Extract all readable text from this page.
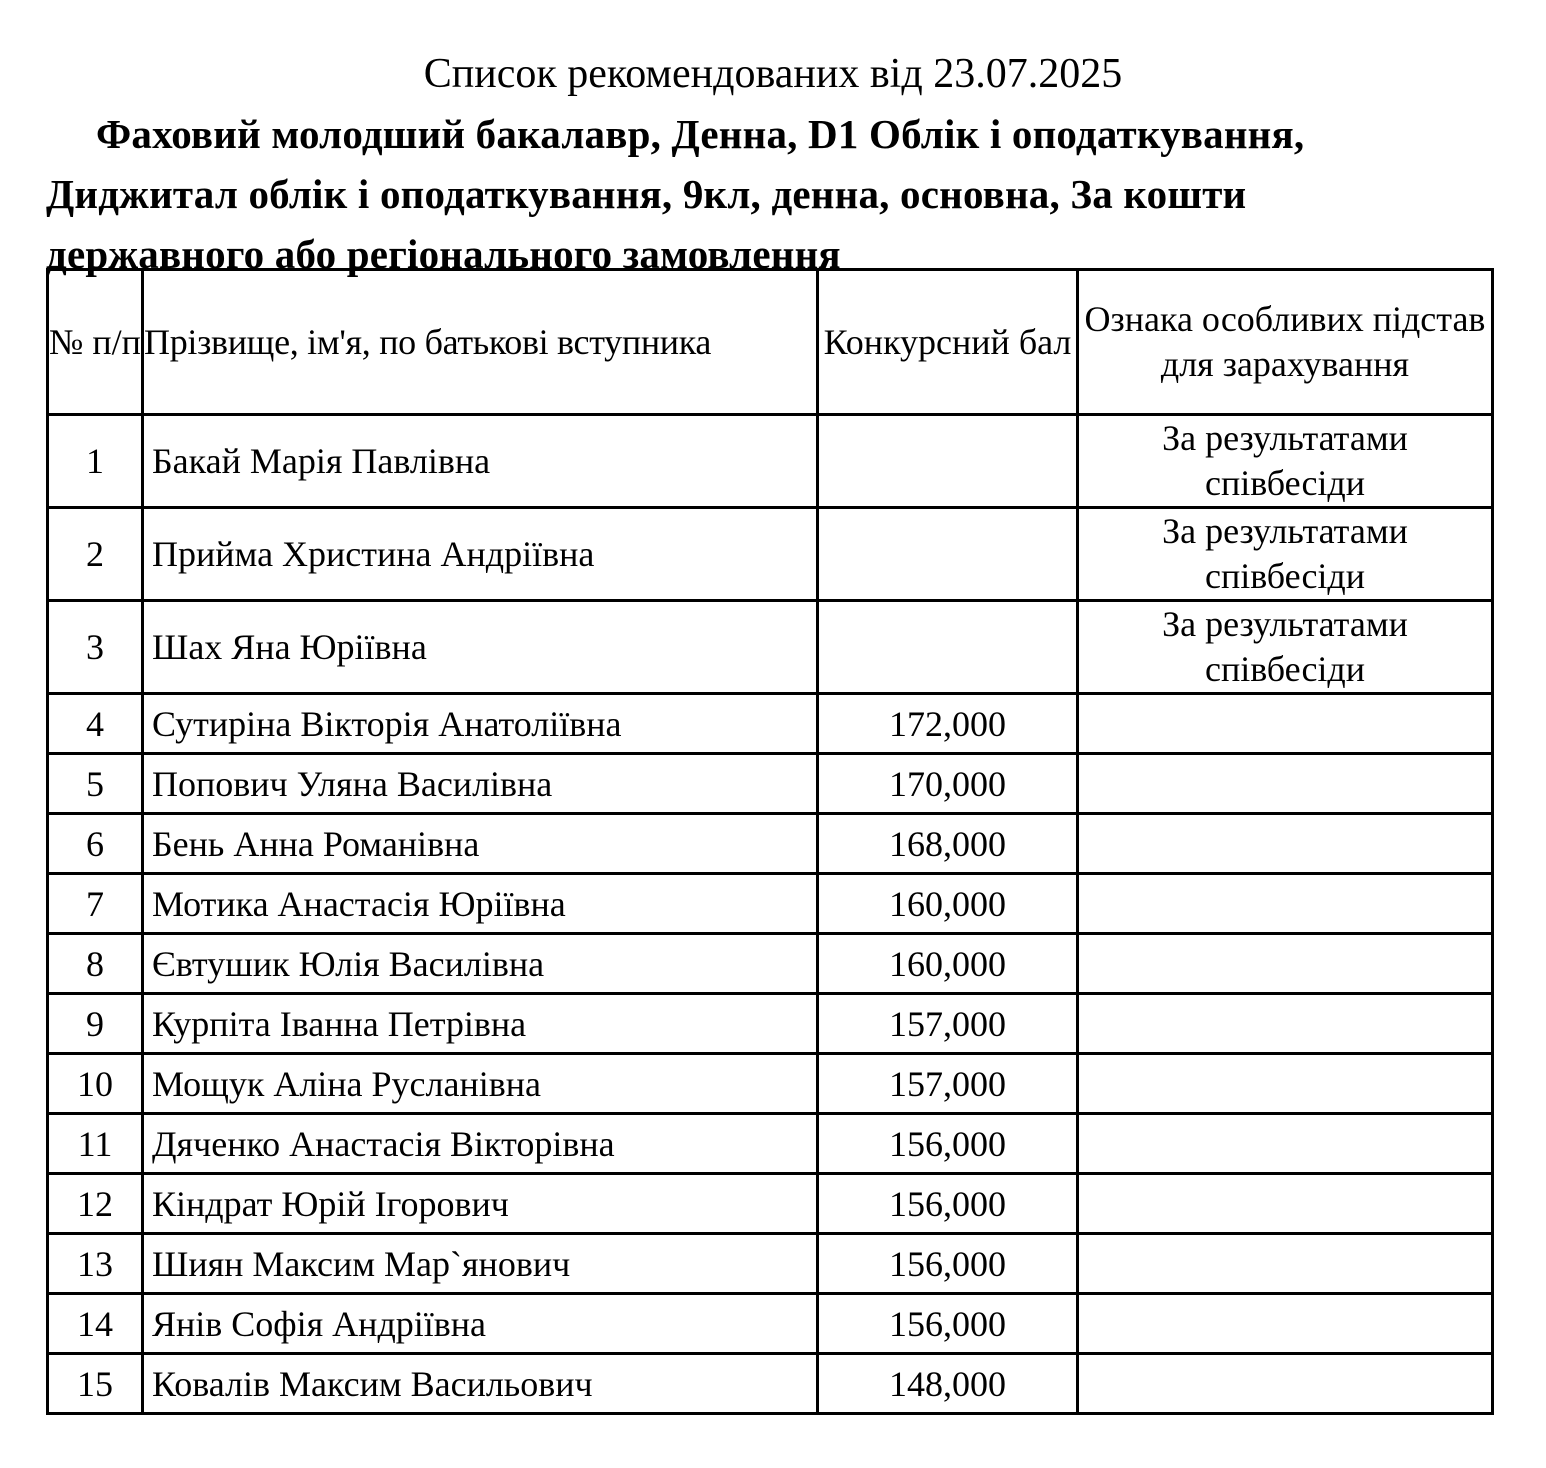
Список рекомендованих від 23.07.2025
Фаховий молодший бакалавр, Денна, D1 Облік і оподаткування, Диджитал облік і оподаткування, 9кл, денна, основна, За кошти державного або регіонального замовлення
№ п/п	Прізвище, ім'я, по батькові вступника	Конкурсний бал	Ознака особливих підстав для зарахування
1	Бакай Марія Павлівна		За результатами співбесіди
2	Прийма Христина Андріївна		За результатами співбесіди
3	Шах Яна Юріївна		За результатами співбесіди
4	Сутиріна Вікторія Анатоліївна	172,000	
5	Попович Уляна Василівна	170,000	
6	Бень Анна Романівна	168,000	
7	Мотика Анастасія Юріївна	160,000	
8	Євтушик Юлія Василівна	160,000	
9	Курпіта Іванна Петрівна	157,000	
10	Мощук Аліна Русланівна	157,000	
11	Дяченко Анастасія Вікторівна	156,000	
12	Кіндрат Юрій Ігорович	156,000	
13	Шиян Максим Мар`янович	156,000	
14	Янів Софія Андріївна	156,000	
15	Ковалів Максим Васильович	148,000	
